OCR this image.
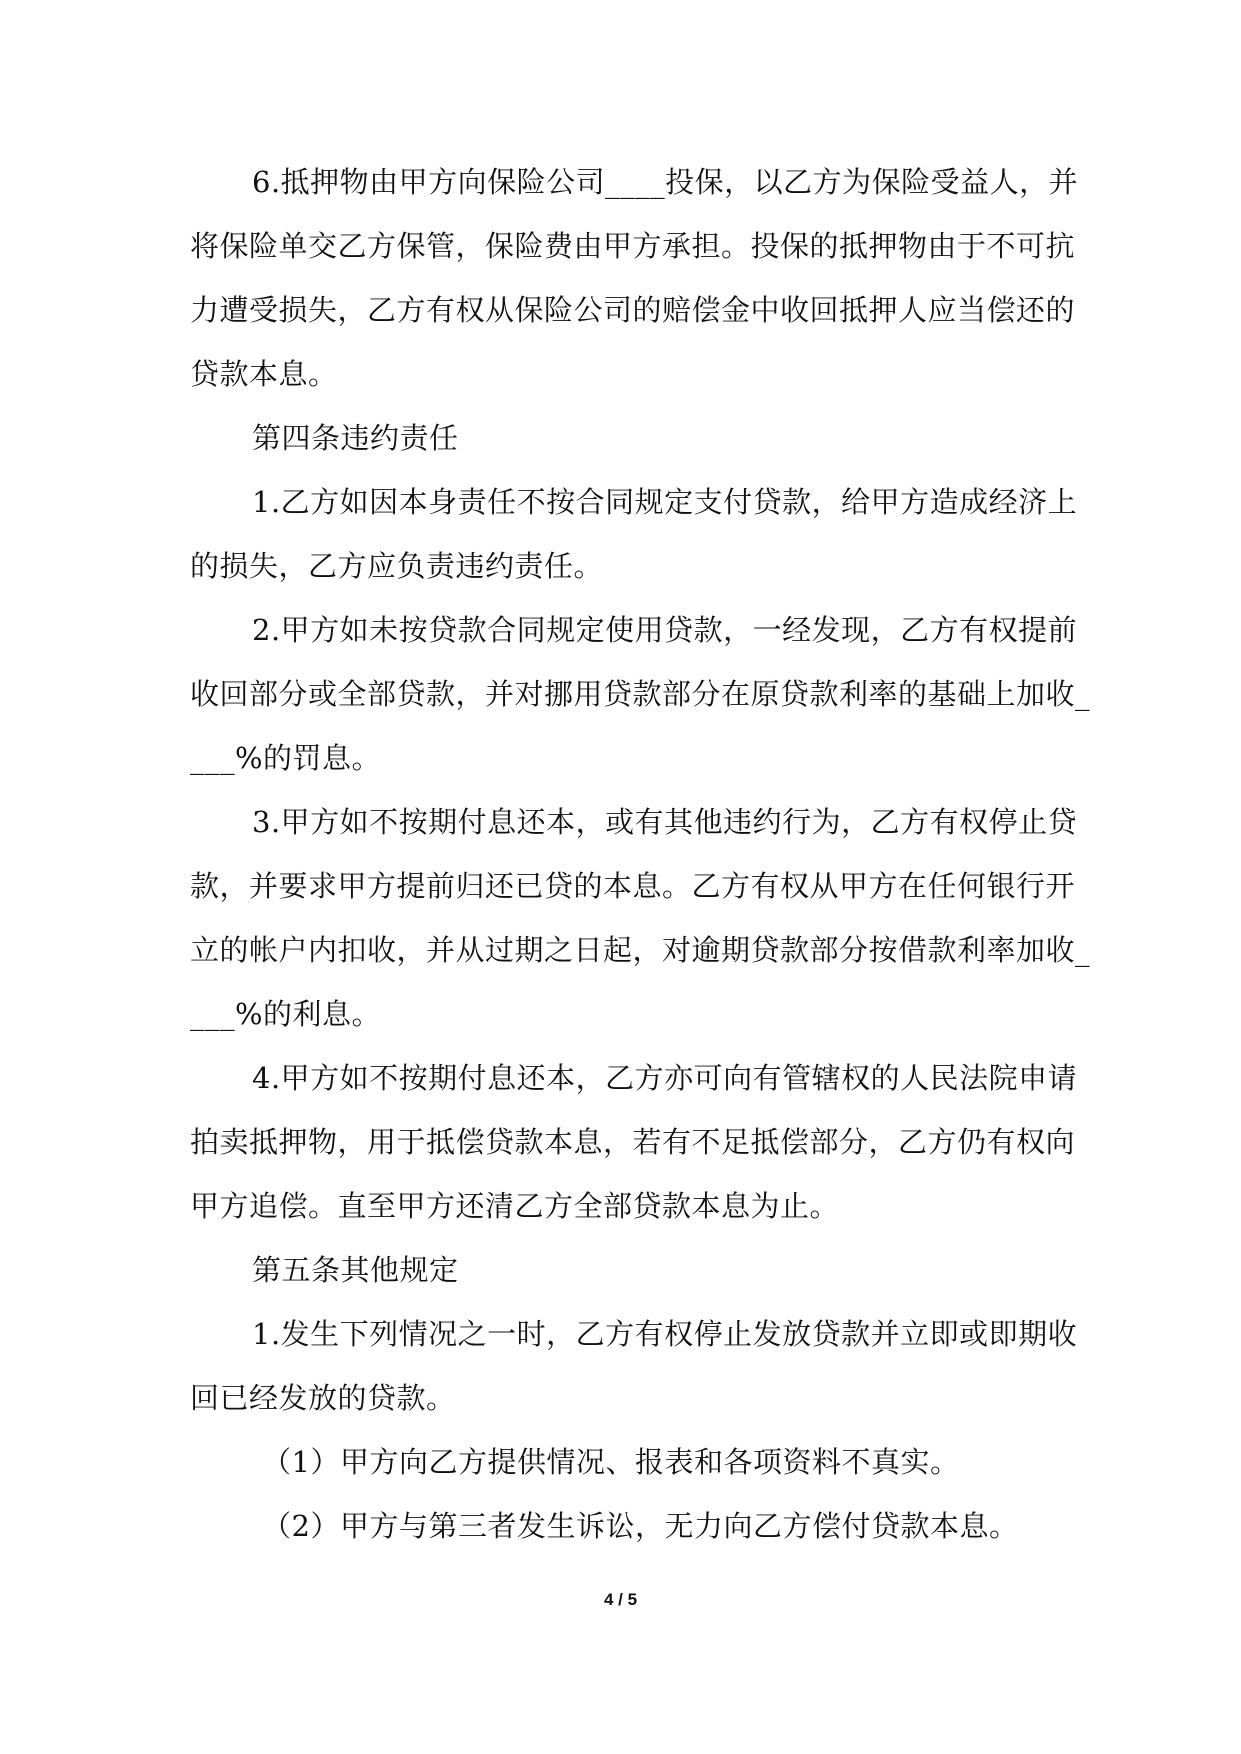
6.抵押物由甲方向保险公司____投保，以乙方为保险受益人，并将保险单交乙方保管，保险费由甲方承担。投保的抵押物由于不可抗力遭受损失，乙方有权从保险公司的赔偿金中收回抵押人应当偿还的贷款本息。

第四条违约责任

1.乙方如因本身责任不按合同规定支付贷款，给甲方造成经济上的损失，乙方应负责违约责任。

2.甲方如未按贷款合同规定使用贷款，一经发现，乙方有权提前收回部分或全部贷款，并对挪用贷款部分在原贷款利率的基础上加收____%的罚息。

3.甲方如不按期付息还本，或有其他违约行为，乙方有权停止贷款，并要求甲方提前归还已贷的本息。乙方有权从甲方在任何银行开立的帐户内扣收，并从过期之日起，对逾期贷款部分按借款利率加收____%的利息。

4.甲方如不按期付息还本，乙方亦可向有管辖权的人民法院申请拍卖抵押物，用于抵偿贷款本息，若有不足抵偿部分，乙方仍有权向甲方追偿。直至甲方还清乙方全部贷款本息为止。

第五条其他规定

1.发生下列情况之一时，乙方有权停止发放贷款并立即或即期收回已经发放的贷款。

（1）甲方向乙方提供情况、报表和各项资料不真实。

（2）甲方与第三者发生诉讼，无力向乙方偿付贷款本息。

4 / 5
